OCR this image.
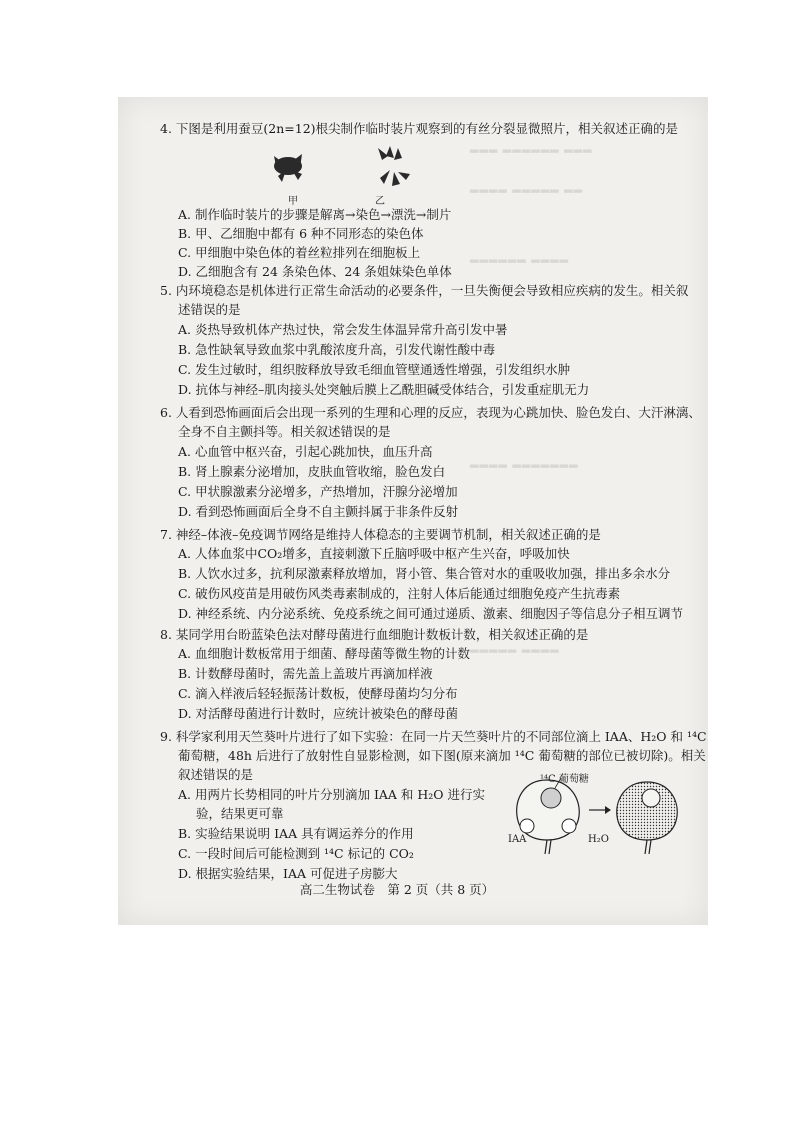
▂▂▂ ▂▂▂▂▂▂ ▂▂▂
▂▂▂▂ ▂▂▂▂▂ ▂▂
▂▂▂▂▂▂ ▂▂▂▂
▂▂▂▂ ▂▂▂▂▂▂▂
▂▂▂▂▂ ▂▂▂▂
4. 下图是利用蚕豆(2n=12)根尖制作临时装片观察到的有丝分裂显微照片，相关叙述正确的是
甲	乙
A. 制作临时装片的步骤是解离→染色→漂洗→制片
B. 甲、乙细胞中都有 6 种不同形态的染色体
C. 甲细胞中染色体的着丝粒排列在细胞板上
D. 乙细胞含有 24 条染色体、24 条姐妹染色单体
5. 内环境稳态是机体进行正常生命活动的必要条件，一旦失衡便会导致相应疾病的发生。相关叙
述错误的是
A. 炎热导致机体产热过快，常会发生体温异常升高引发中暑
B. 急性缺氧导致血浆中乳酸浓度升高，引发代谢性酸中毒
C. 发生过敏时，组织胺释放导致毛细血管壁通透性增强，引发组织水肿
D. 抗体与神经–肌肉接头处突触后膜上乙酰胆碱受体结合，引发重症肌无力
6. 人看到恐怖画面后会出现一系列的生理和心理的反应，表现为心跳加快、脸色发白、大汗淋漓、
全身不自主颤抖等。相关叙述错误的是
A. 心血管中枢兴奋，引起心跳加快，血压升高
B. 肾上腺素分泌增加，皮肤血管收缩，脸色发白
C. 甲状腺激素分泌增多，产热增加，汗腺分泌增加
D. 看到恐怖画面后全身不自主颤抖属于非条件反射
7. 神经–体液–免疫调节网络是维持人体稳态的主要调节机制，相关叙述正确的是
A. 人体血浆中CO₂增多，直接刺激下丘脑呼吸中枢产生兴奋，呼吸加快
B. 人饮水过多，抗利尿激素释放增加，肾小管、集合管对水的重吸收加强，排出多余水分
C. 破伤风疫苗是用破伤风类毒素制成的，注射人体后能通过细胞免疫产生抗毒素
D. 神经系统、内分泌系统、免疫系统之间可通过递质、激素、细胞因子等信息分子相互调节
8. 某同学用台盼蓝染色法对酵母菌进行血细胞计数板计数，相关叙述正确的是
A. 血细胞计数板常用于细菌、酵母菌等微生物的计数
B. 计数酵母菌时，需先盖上盖玻片再滴加样液
C. 滴入样液后轻轻振荡计数板，使酵母菌均匀分布
D. 对活酵母菌进行计数时，应统计被染色的酵母菌
9. 科学家利用天竺葵叶片进行了如下实验：在同一片天竺葵叶片的不同部位滴上 IAA、H₂O 和 ¹⁴C
葡萄糖，48h 后进行了放射性自显影检测，如下图(原来滴加 ¹⁴C 葡萄糖的部位已被切除)。相关
叙述错误的是
A. 用两片长势相同的叶片分别滴加 IAA 和 H₂O 进行实
验，结果更可靠
B. 实验结果说明 IAA 具有调运养分的作用
C. 一段时间后可能检测到 ¹⁴C 标记的 CO₂
D. 根据实验结果，IAA 可促进子房膨大
¹⁴C 葡萄糖
IAA	H₂O
高二生物试卷　第 2 页（共 8 页）
